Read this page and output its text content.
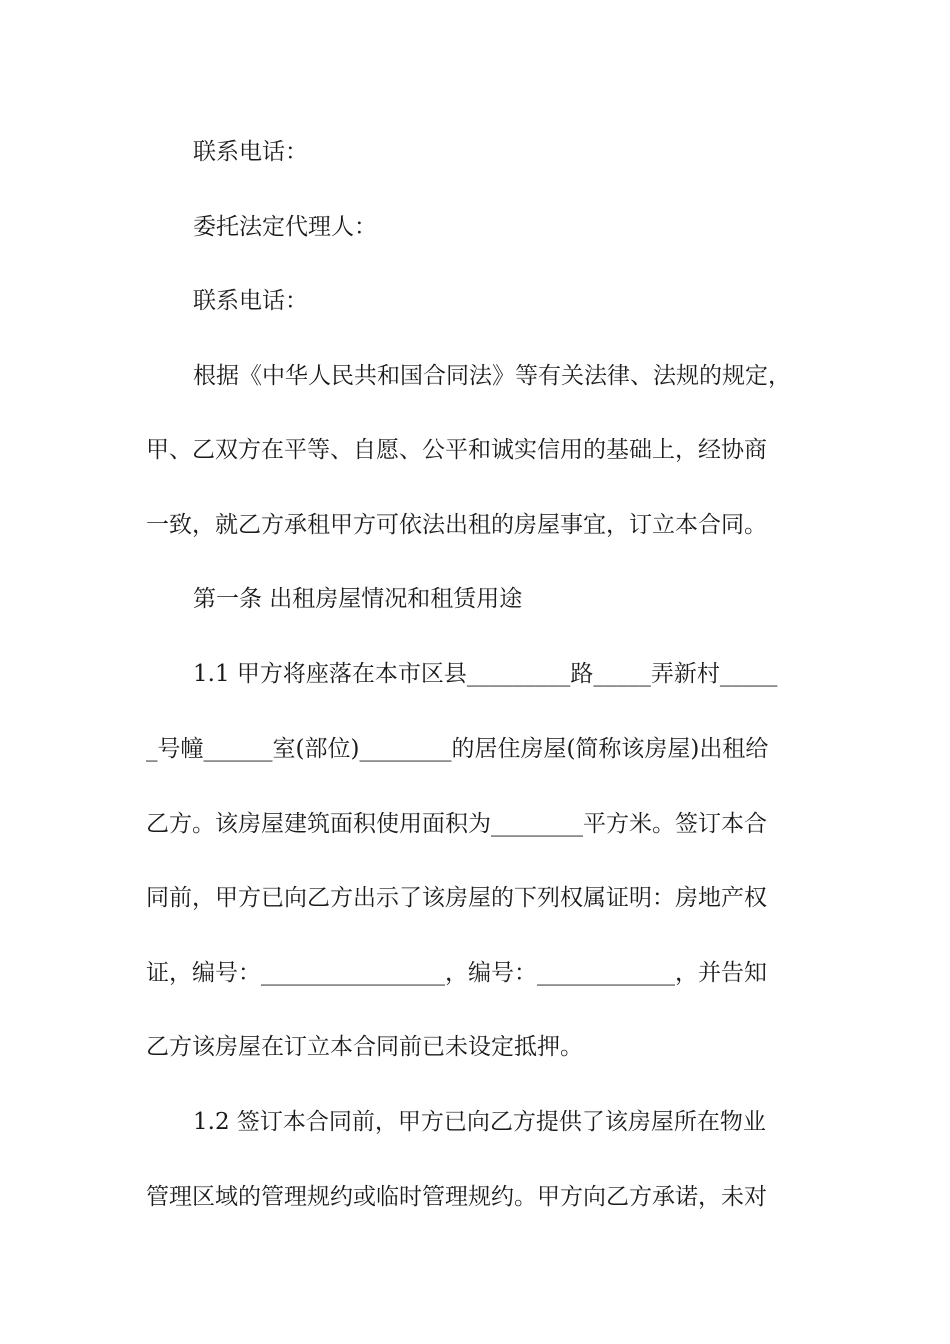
联系电话：

委托法定代理人：

联系电话：

根据《中华人民共和国合同法》等有关法律、法规的规定，

甲、乙双方在平等、自愿、公平和诚实信用的基础上，经协商

一致，就乙方承租甲方可依法出租的房屋事宜，订立本合同。

第一条 出租房屋情况和租赁用途

1.1 甲方将座落在本市区县_________路_____弄新村_____

_号幢______室(部位)________的居住房屋(简称该房屋)出租给

乙方。该房屋建筑面积使用面积为________平方米。签订本合

同前，甲方已向乙方出示了该房屋的下列权属证明：房地产权

证，编号：________________，编号：____________，并告知

乙方该房屋在订立本合同前已未设定抵押。

1.2 签订本合同前，甲方已向乙方提供了该房屋所在物业

管理区域的管理规约或临时管理规约。甲方向乙方承诺，未对
